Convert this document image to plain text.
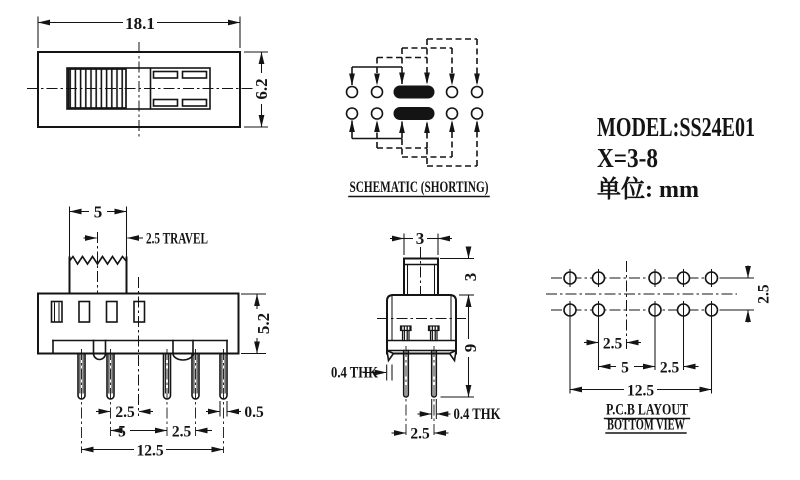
18.1
6.2
SCHEMATIC (SHORTING)
MODEL:SS24E01
X=3-8
单位: mm
5
2.5 TRAVEL
2.5	0.5
5	2.5
12.5
5.2
3
3
9
0.4 THK
0.4 THK
2.5
2.5
2.5
5 2.5
12.5
P.C.B LAYOUT
BOTTOM VIEW
